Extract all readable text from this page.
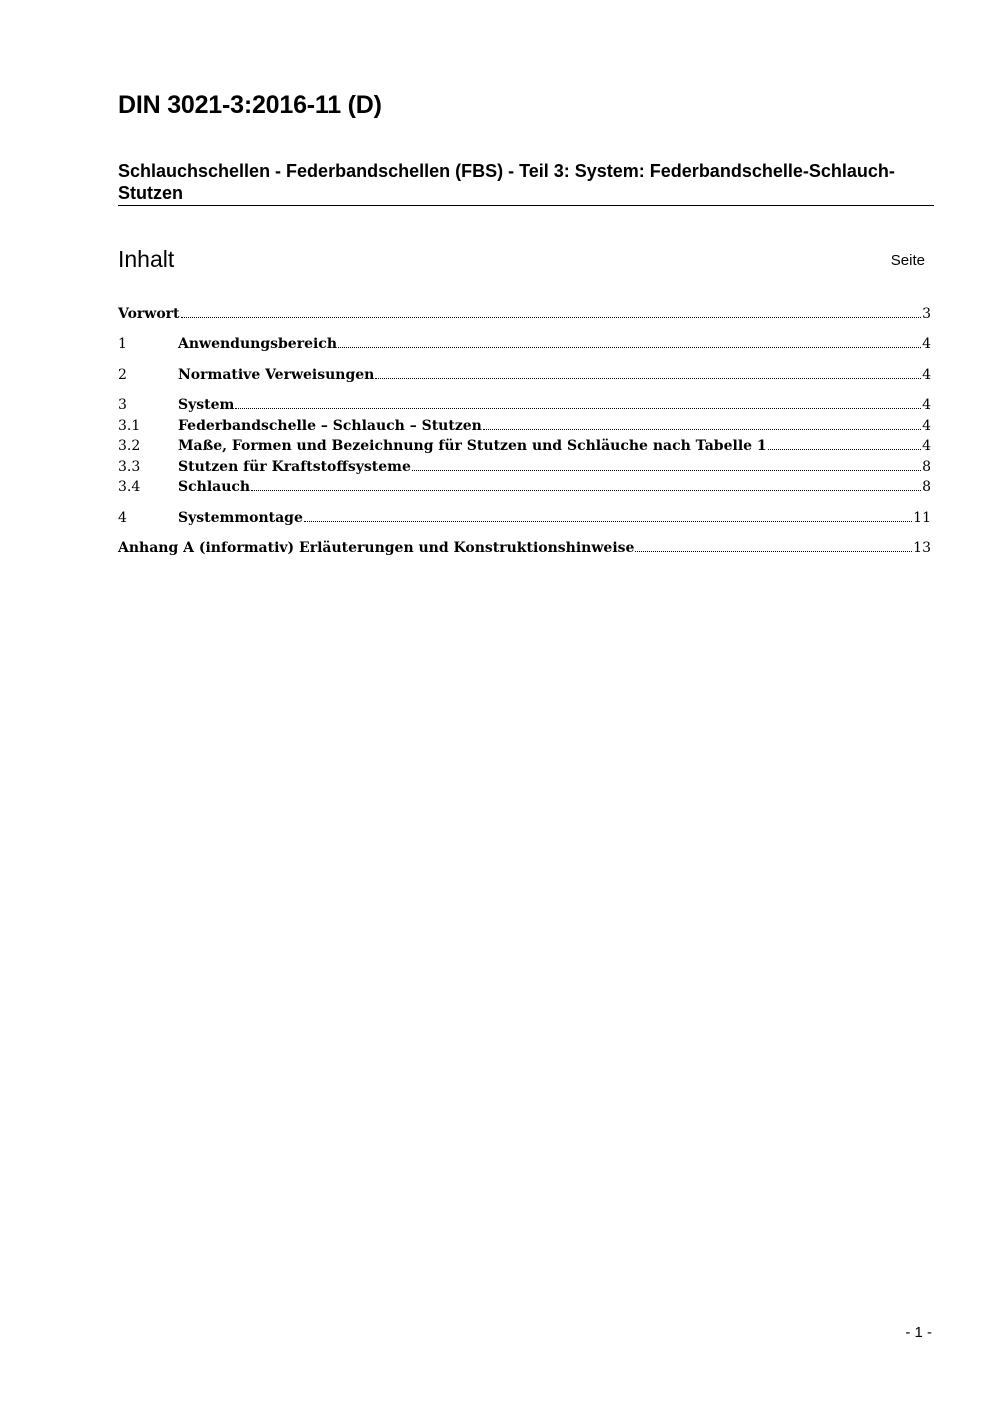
DIN 3021-3:2016-11 (D)
Schlauchschellen - Federbandschellen (FBS) - Teil 3: System: Federbandschelle-Schlauch-Stutzen
Inhalt	Seite
Vorwort	3
1	Anwendungsbereich	4
2	Normative Verweisungen	4
3	System	4
3.1	Federbandschelle – Schlauch – Stutzen	4
3.2	Maße, Formen und Bezeichnung für Stutzen und Schläuche nach Tabelle 1	4
3.3	Stutzen für Kraftstoffsysteme	8
3.4	Schlauch	8
4	Systemmontage	11
Anhang A (informativ) Erläuterungen und Konstruktionshinweise	13
- 1 -
